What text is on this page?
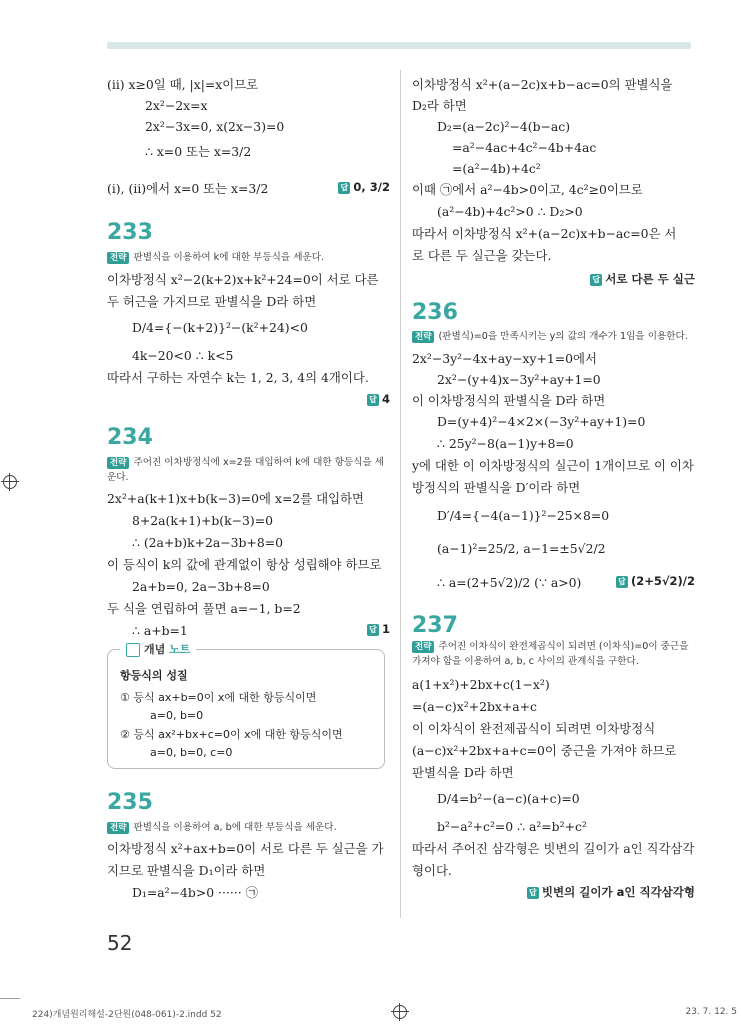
(ⅱ) x≥0일 때, |x|=x이므로
2x²−2x=x
2x²−3x=0, x(2x−3)=0
∴ x=0 또는 x=3/2
(ⅰ), (ⅱ)에서 x=0 또는 x=3/2	답 0, 3/2
233
전략 판별식을 이용하여 k에 대한 부등식을 세운다.
이차방정식 x²−2(k+2)x+k²+24=0이 서로 다른
두 허근을 가지므로 판별식을 D라 하면
D/4={−(k+2)}²−(k²+24)<0
4k−20<0 ∴ k<5
따라서 구하는 자연수 k는 1, 2, 3, 4의 4개이다.
답 4
234
전략 주어진 이차방정식에 x=2를 대입하여 k에 대한 항등식을 세운다.
2x²+a(k+1)x+b(k−3)=0에 x=2를 대입하면
8+2a(k+1)+b(k−3)=0
∴ (2a+b)k+2a−3b+8=0
이 등식이 k의 값에 관계없이 항상 성립해야 하므로
2a+b=0, 2a−3b+8=0
두 식을 연립하여 풀면 a=−1, b=2
∴ a+b=1	답 1
개념 노트
항등식의 성질
① 등식 ax+b=0이 x에 대한 항등식이면
a=0, b=0
② 등식 ax²+bx+c=0이 x에 대한 항등식이면
a=0, b=0, c=0
235
전략 판별식을 이용하여 a, b에 대한 부등식을 세운다.
이차방정식 x²+ax+b=0이 서로 다른 두 실근을 가
지므로 판별식을 D₁이라 하면
D₁=a²−4b>0 ······ ㉠
이차방정식 x²+(a−2c)x+b−ac=0의 판별식을
D₂라 하면
D₂=(a−2c)²−4(b−ac)
=a²−4ac+4c²−4b+4ac
=(a²−4b)+4c²
이때 ㉠에서 a²−4b>0이고, 4c²≥0이므로
(a²−4b)+4c²>0 ∴ D₂>0
따라서 이차방정식 x²+(a−2c)x+b−ac=0은 서
로 다른 두 실근을 갖는다.
답 서로 다른 두 실근
236
전략 (판별식)=0을 만족시키는 y의 값의 개수가 1임을 이용한다.
2x²−3y²−4x+ay−xy+1=0에서
2x²−(y+4)x−3y²+ay+1=0
이 이차방정식의 판별식을 D라 하면
D=(y+4)²−4×2×(−3y²+ay+1)=0
∴ 25y²−8(a−1)y+8=0
y에 대한 이 이차방정식의 실근이 1개이므로 이 이차
방정식의 판별식을 D′이라 하면
D′/4={−4(a−1)}²−25×8=0
(a−1)²=25/2, a−1=±5√2/2
∴ a=(2+5√2)/2 (∵ a>0)	답 (2+5√2)/2
237
전략 주어진 이차식이 완전제곱식이 되려면 (이차식)=0이 중근을 가져야 함을 이용하여 a, b, c 사이의 관계식을 구한다.
a(1+x²)+2bx+c(1−x²)
=(a−c)x²+2bx+a+c
이 이차식이 완전제곱식이 되려면 이차방정식
(a−c)x²+2bx+a+c=0이 중근을 가져야 하므로
판별식을 D라 하면
D/4=b²−(a−c)(a+c)=0
b²−a²+c²=0 ∴ a²=b²+c²
따라서 주어진 삼각형은 빗변의 길이가 a인 직각삼각
형이다.
답 빗변의 길이가 a인 직각삼각형
52
224)개념원리해설-2단원(048-061)-2.indd 52	23. 7. 12. 5
